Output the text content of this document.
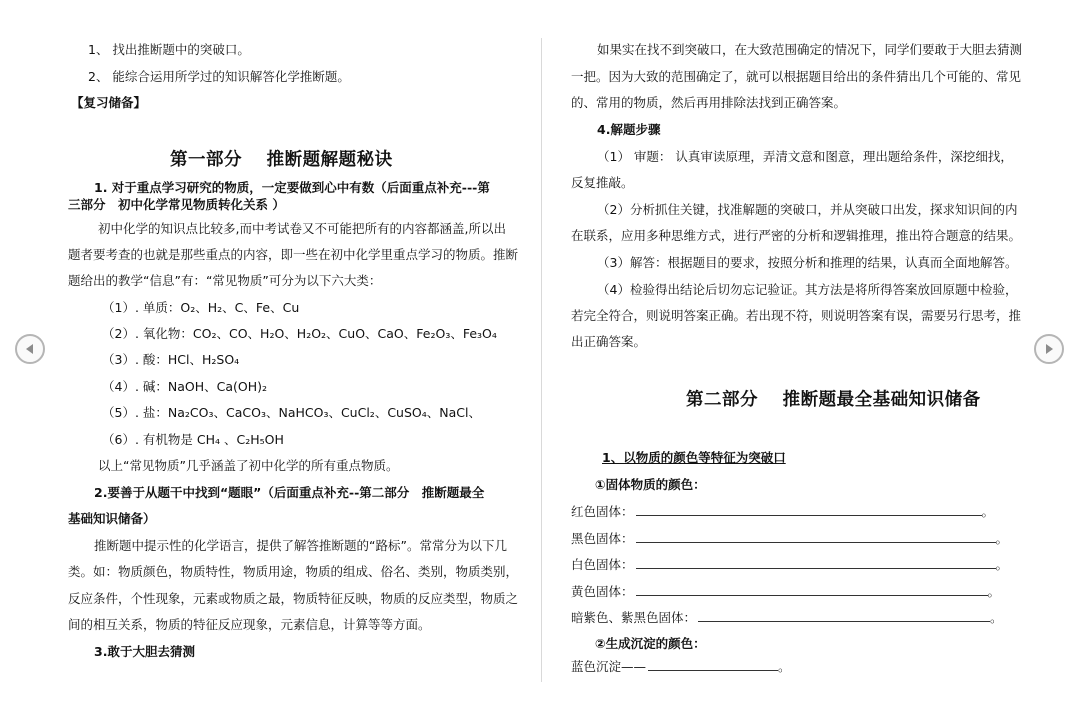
1、 找出推断题中的突破口。
2、 能综合运用所学过的知识解答化学推断题。
【复习储备】
第一部分　 推断题解题秘诀
1. 对于重点学习研究的物质，一定要做到心中有数（后面重点补充---第
三部分　初中化学常见物质转化关系 ）
初中化学的知识点比较多,而中考试卷又不可能把所有的内容都涵盖,所以出
题者要考查的也就是那些重点的内容，即一些在初中化学里重点学习的物质。推断
题给出的教学“信息”有：“常见物质”可分为以下六大类：
（1）. 单质：O₂、H₂、C、Fe、Cu
（2）. 氧化物：CO₂、CO、H₂O、H₂O₂、CuO、CaO、Fe₂O₃、Fe₃O₄
（3）. 酸：HCl、H₂SO₄
（4）. 碱：NaOH、Ca(OH)₂
（5）. 盐：Na₂CO₃、CaCO₃、NaHCO₃、CuCl₂、CuSO₄、NaCl、
（6）. 有机物是 CH₄ 、C₂H₅OH
以上“常见物质”几乎涵盖了初中化学的所有重点物质。
2.要善于从题干中找到“题眼”（后面重点补充--第二部分　推断题最全
基础知识储备）
推断题中提示性的化学语言，提供了解答推断题的“路标”。常常分为以下几
类。如：物质颜色，物质特性，物质用途，物质的组成、俗名、类别，物质类别，
反应条件，个性现象，元素或物质之最，物质特征反映，物质的反应类型，物质之
间的相互关系，物质的特征反应现象，元素信息，计算等等方面。
3.敢于大胆去猜测
如果实在找不到突破口，在大致范围确定的情况下，同学们要敢于大胆去猜测
一把。因为大致的范围确定了，就可以根据题目给出的条件猜出几个可能的、常见
的、常用的物质，然后再用排除法找到正确答案。
4.解题步骤
（1） 审题： 认真审读原理，弄清文意和图意，理出题给条件，深挖细找，
反复推敲。
（2）分析抓住关键，找准解题的突破口，并从突破口出发，探求知识间的内
在联系，应用多种思维方式，进行严密的分析和逻辑推理，推出符合题意的结果。
（3）解答：根据题目的要求，按照分析和推理的结果，认真而全面地解答。
（4）检验得出结论后切勿忘记验证。其方法是将所得答案放回原题中检验，
若完全符合，则说明答案正确。若出现不符，则说明答案有误，需要另行思考，推
出正确答案。
第二部分　 推断题最全基础知识储备
1、以物质的颜色等特征为突破口
①固体物质的颜色：
红色固体：	。
黑色固体：	。
白色固体：	。
黄色固体：	。
暗紫色、紫黑色固体：	。
②生成沉淀的颜色：
蓝色沉淀——	。
